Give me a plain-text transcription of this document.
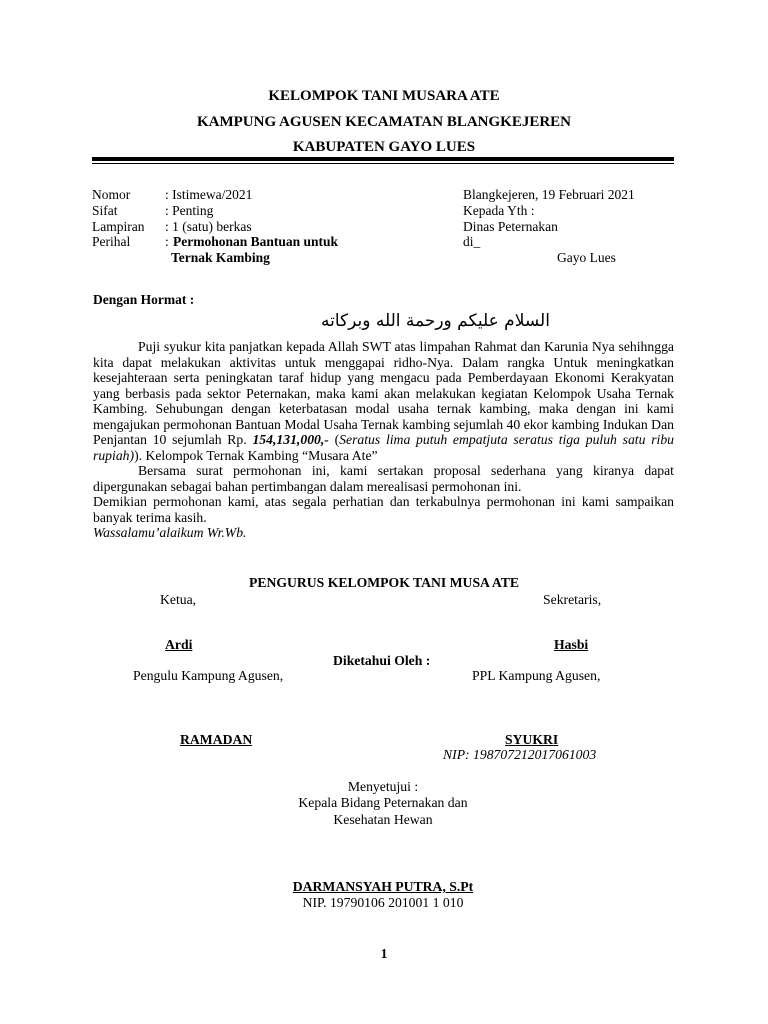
KELOMPOK TANI MUSARA ATE
KAMPUNG AGUSEN KECAMATAN BLANGKEJEREN
KABUPATEN GAYO LUES
Nomor	: Istimewa/2021
Sifat	: Penting
Lampiran : 1 (satu) berkas
Perihal	: Permohonan Bantuan untuk
Ternak Kambing
Blangkejeren, 19 Februari 2021
Kepada Yth :
Dinas Peternakan
di_
Gayo Lues
Dengan Hormat :
السلام عليكم ورحمة الله وبركاته

Puji syukur kita panjatkan kepada Allah SWT atas limpahan Rahmat dan Karunia Nya sehihngga kita dapat melakukan aktivitas untuk menggapai ridho-Nya. Dalam rangka Untuk meningkatkan kesejahteraan serta peningkatan taraf hidup yang mengacu pada Pemberdayaan Ekonomi Kerakyatan yang berbasis pada sektor Peternakan, maka kami akan melakukan kegiatan Kelompok Usaha Ternak Kambing. Sehubungan dengan keterbatasan modal usaha ternak kambing, maka dengan ini kami mengajukan permohonan Bantuan Modal Usaha Ternak kambing sejumlah 40 ekor kambing Indukan Dan Penjantan 10 sejumlah Rp. 154,131,000,- (Seratus lima putuh empatjuta seratus tiga puluh satu ribu rupiah)). Kelompok Ternak Kambing “Musara Ate”

Bersama surat permohonan ini, kami sertakan proposal sederhana yang kiranya dapat dipergunakan sebagai bahan pertimbangan dalam merealisasi permohonan ini.

Demikian permohonan kami, atas segala perhatian dan terkabulnya permohonan ini kami sampaikan banyak terima kasih.

Wassalamu’alaikum Wr.Wb.

PENGURUS KELOMPOK TANI MUSA ATE
Ketua,	Sekretaris,
Ardi	Hasbi
Diketahui Oleh :
Pengulu Kampung Agusen,	PPL Kampung Agusen,
RAMADAN	SYUKRI
NIP: 198707212017061003
Menyetujui :
Kepala Bidang Peternakan dan
Kesehatan Hewan
DARMANSYAH PUTRA, S.Pt
NIP. 19790106 201001 1 010
1
